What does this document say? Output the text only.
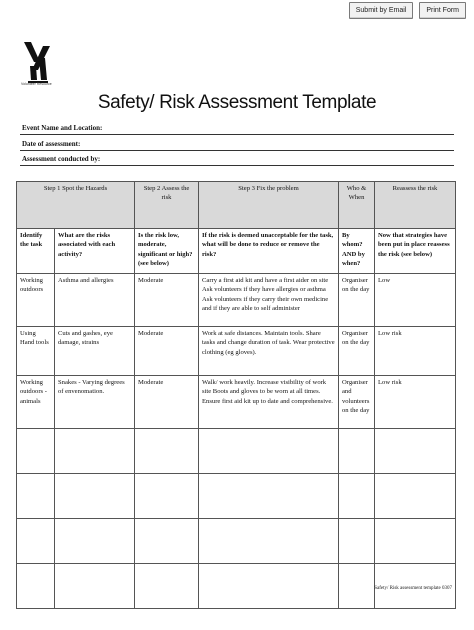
Submit by Email	Print Form
Volunteer Resource
Safety/ Risk Assessment Template
Event Name and Location:
Date of assessment:
Assessment conducted by:
Step 1 Spot the Hazards		Step 2 Assess the risk	Step 3 Fix the problem	Who & When	Reassess the risk
Identify the task	What are the risks associated with each activity?	Is the risk low, moderate, significant or high? (see below)	If the risk is deemed unacceptable for the task, what will be done to reduce or remove the risk?	By whom? AND by when?	Now that strategies have been put in place reassess the risk (see below)
Working outdoors	Asthma and allergies	Moderate	Carry a first aid kit and have a first aider on site Ask volunteers if they have allergies or asthma Ask volunteers if they carry their own medicine and if they are able to self administer	Organiser on the day	Low
Using Hand tools	Cuts and gashes, eye damage, strains	Moderate	Work at safe distances. Maintain tools. Share tasks and change duration of task. Wear protective clothing (eg gloves).	Organiser on the day	Low risk
Working outdoors - animals	Snakes - Varying degrees of envenomation.	Moderate	Walk/ work heavily. Increase visibility of work site Boots and gloves to be worn at all times. Ensure first aid kit up to date and comprehensive.	Organiser and volunteers on the day	Low risk

Safety/ Risk assessment template 0307
